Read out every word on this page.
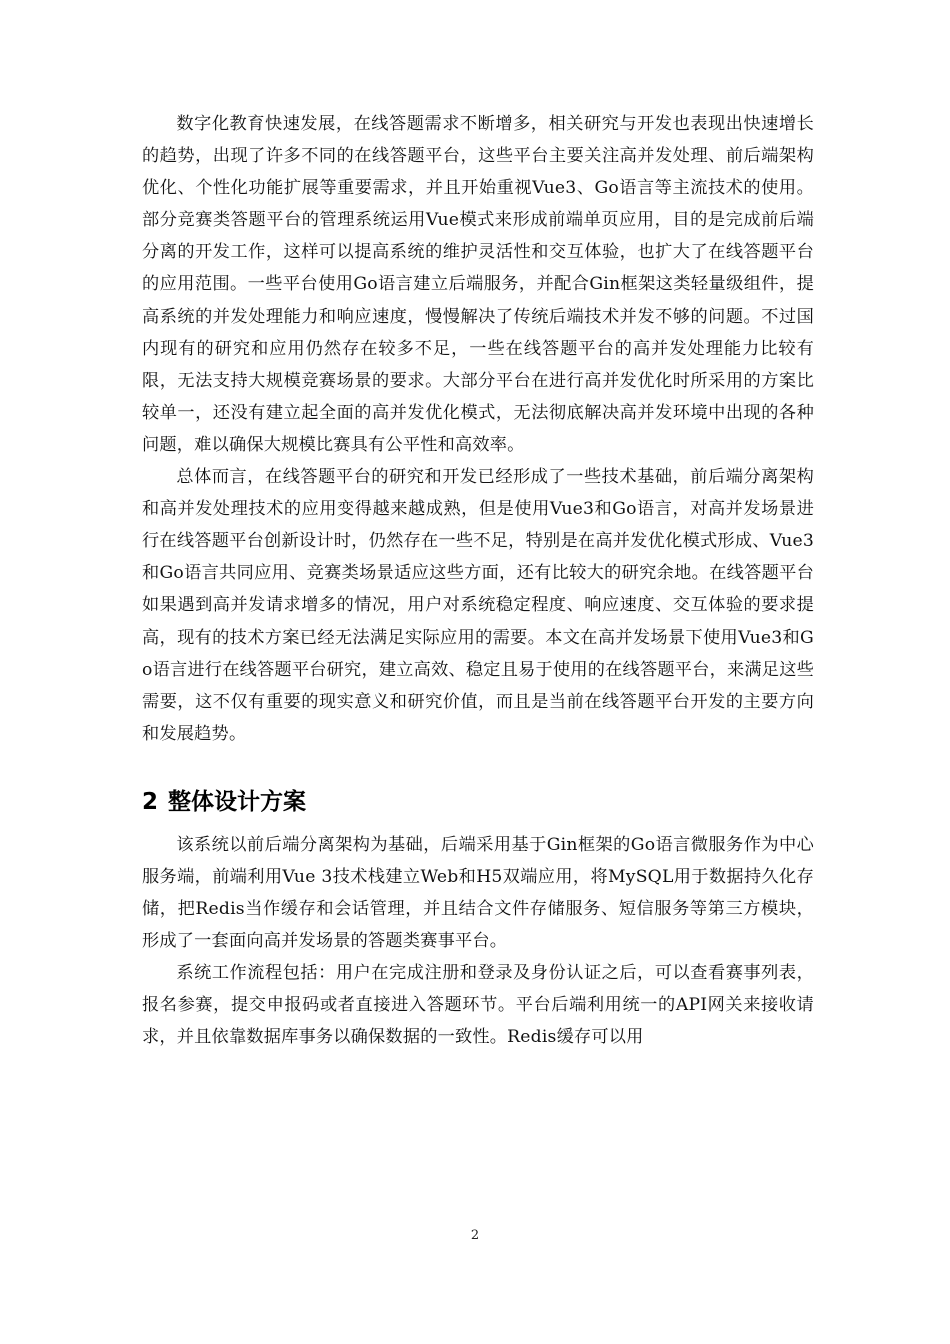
数字化教育快速发展，在线答题需求不断增多，相关研究与开发也表现出快速增长的趋势，出现了许多不同的在线答题平台，这些平台主要关注高并发处理、前后端架构优化、个性化功能扩展等重要需求，并且开始重视Vue3、Go语言等主流技术的使用。部分竞赛类答题平台的管理系统运用Vue模式来形成前端单页应用，目的是完成前后端分离的开发工作，这样可以提高系统的维护灵活性和交互体验，也扩大了在线答题平台的应用范围。一些平台使用Go语言建立后端服务，并配合Gin框架这类轻量级组件，提高系统的并发处理能力和响应速度，慢慢解决了传统后端技术并发不够的问题。不过国内现有的研究和应用仍然存在较多不足，一些在线答题平台的高并发处理能力比较有限，无法支持大规模竞赛场景的要求。大部分平台在进行高并发优化时所采用的方案比较单一，还没有建立起全面的高并发优化模式，无法彻底解决高并发环境中出现的各种问题，难以确保大规模比赛具有公平性和高效率。

总体而言，在线答题平台的研究和开发已经形成了一些技术基础，前后端分离架构和高并发处理技术的应用变得越来越成熟，但是使用Vue3和Go语言，对高并发场景进行在线答题平台创新设计时，仍然存在一些不足，特别是在高并发优化模式形成、Vue3和Go语言共同应用、竞赛类场景适应这些方面，还有比较大的研究余地。在线答题平台如果遇到高并发请求增多的情况，用户对系统稳定程度、响应速度、交互体验的要求提高，现有的技术方案已经无法满足实际应用的需要。本文在高并发场景下使用Vue3和Go语言进行在线答题平台研究，建立高效、稳定且易于使用的在线答题平台，来满足这些需要，这不仅有重要的现实意义和研究价值，而且是当前在线答题平台开发的主要方向和发展趋势。

2 整体设计方案

该系统以前后端分离架构为基础，后端采用基于Gin框架的Go语言微服务作为中心服务端，前端利用Vue 3技术栈建立Web和H5双端应用，将MySQL用于数据持久化存储，把Redis当作缓存和会话管理，并且结合文件存储服务、短信服务等第三方模块，形成了一套面向高并发场景的答题类赛事平台。

系统工作流程包括：用户在完成注册和登录及身份认证之后，可以查看赛事列表，报名参赛，提交申报码或者直接进入答题环节。平台后端利用统一的API网关来接收请求，并且依靠数据库事务以确保数据的一致性。Redis缓存可以用

2
